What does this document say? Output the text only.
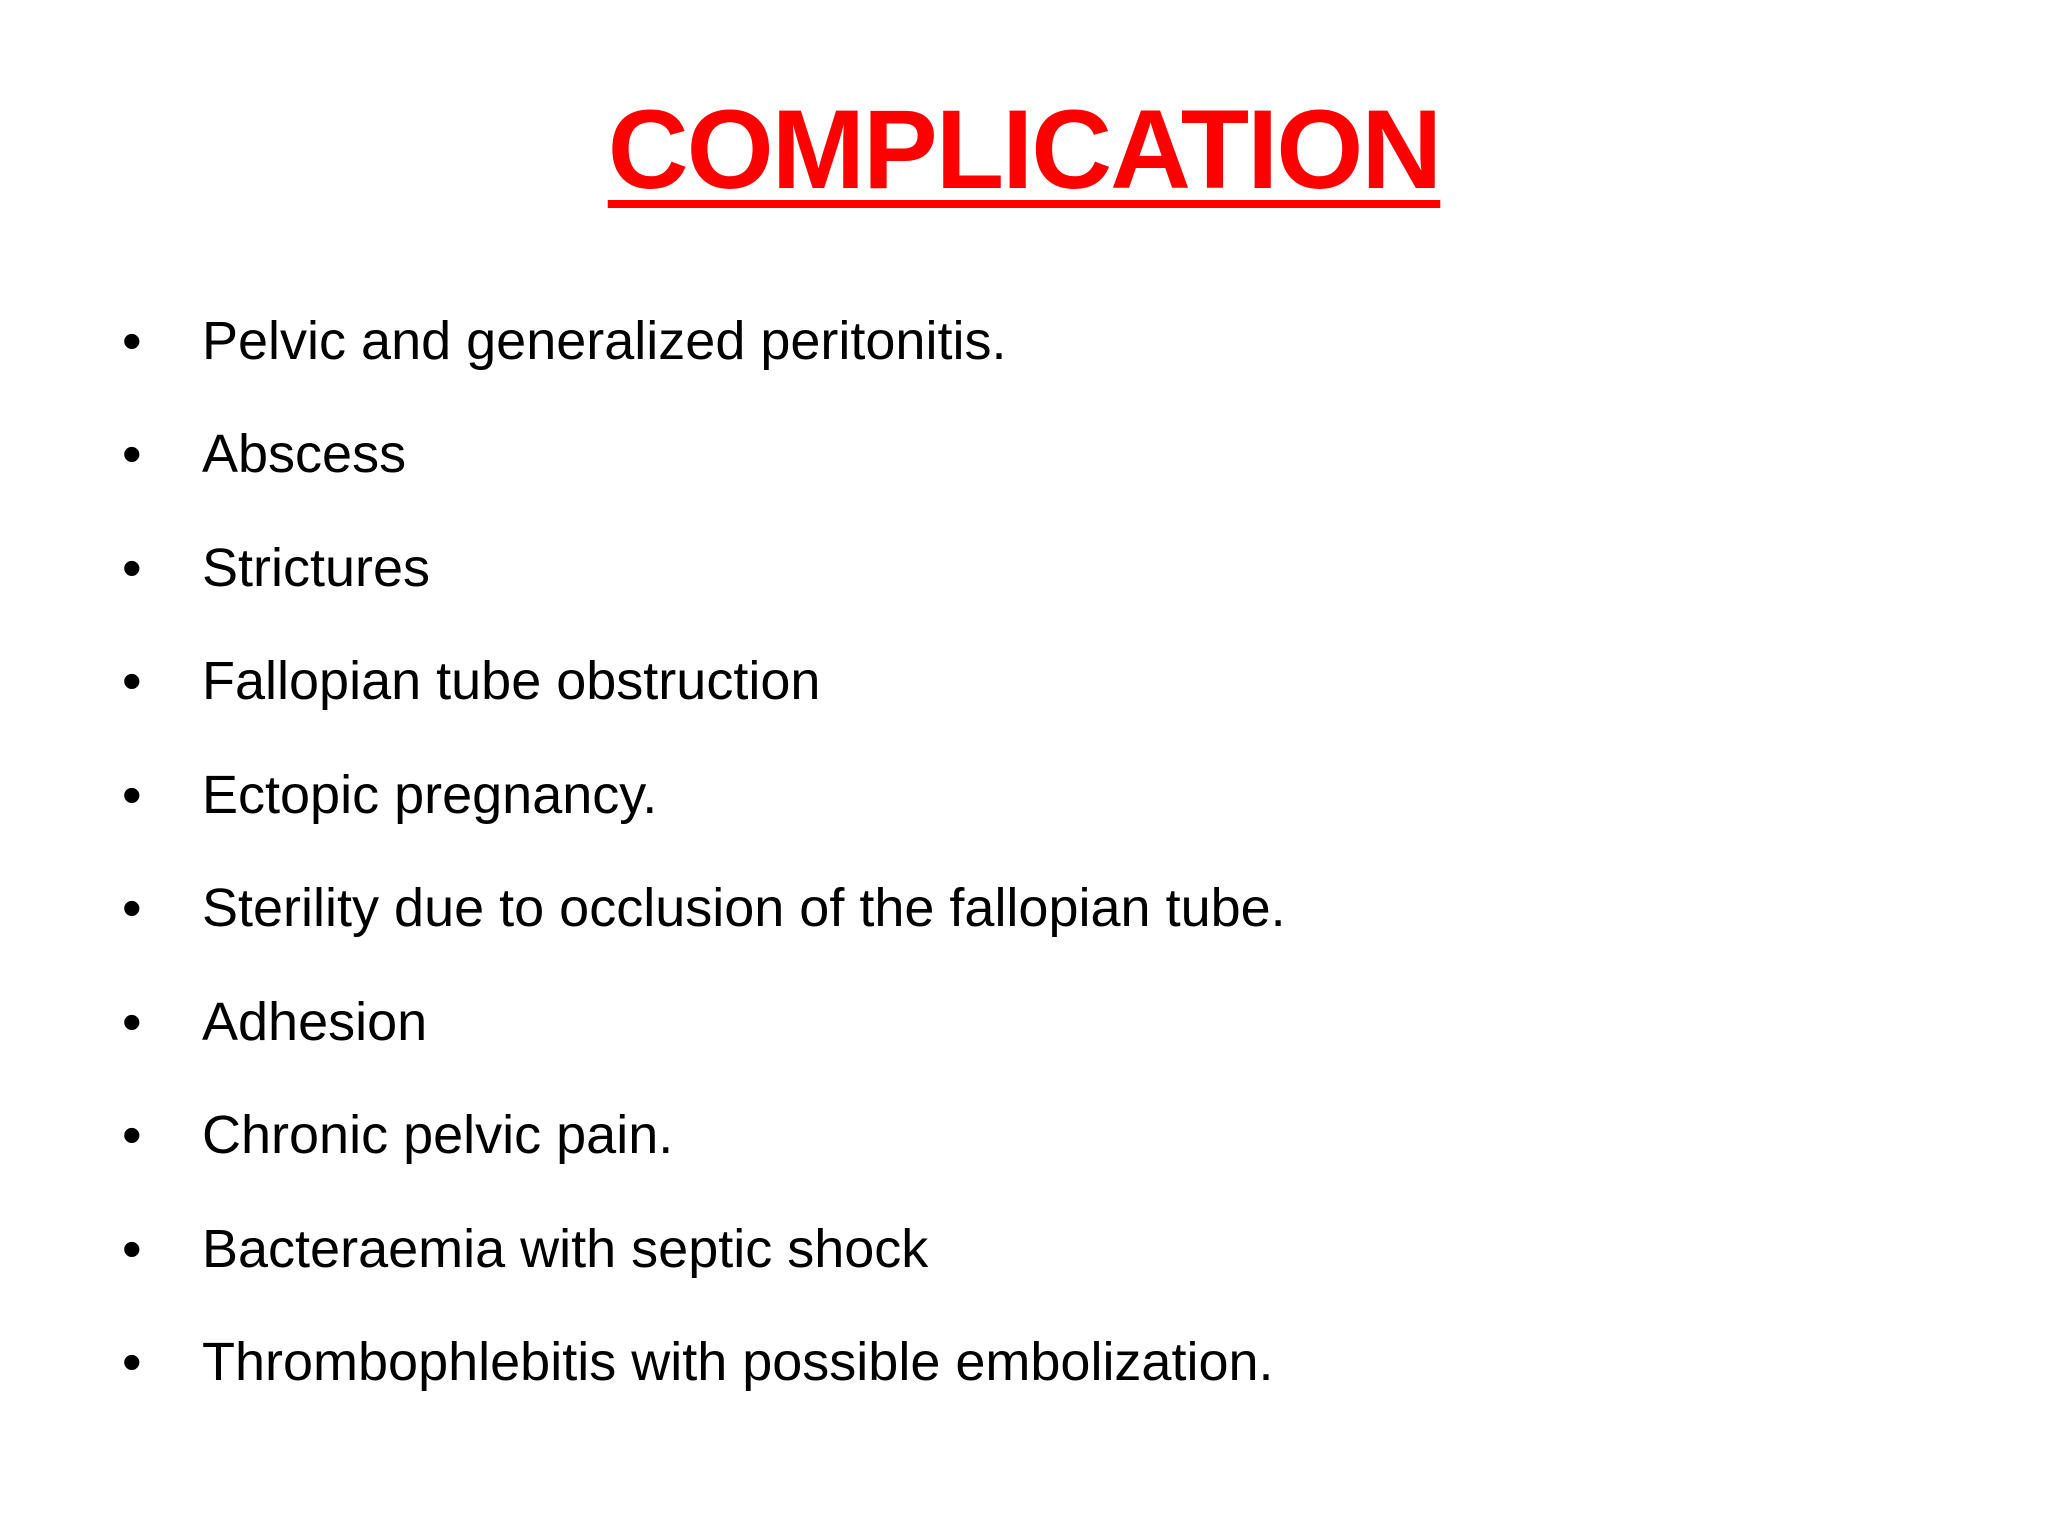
COMPLICATION
•	Pelvic and generalized peritonitis.
•	Abscess
•	Strictures
•	Fallopian tube obstruction
•	Ectopic pregnancy.
•	Sterility due to occlusion of the fallopian tube.
•	Adhesion
•	Chronic pelvic pain.
•	Bacteraemia with septic shock
•	Thrombophlebitis with possible embolization.
